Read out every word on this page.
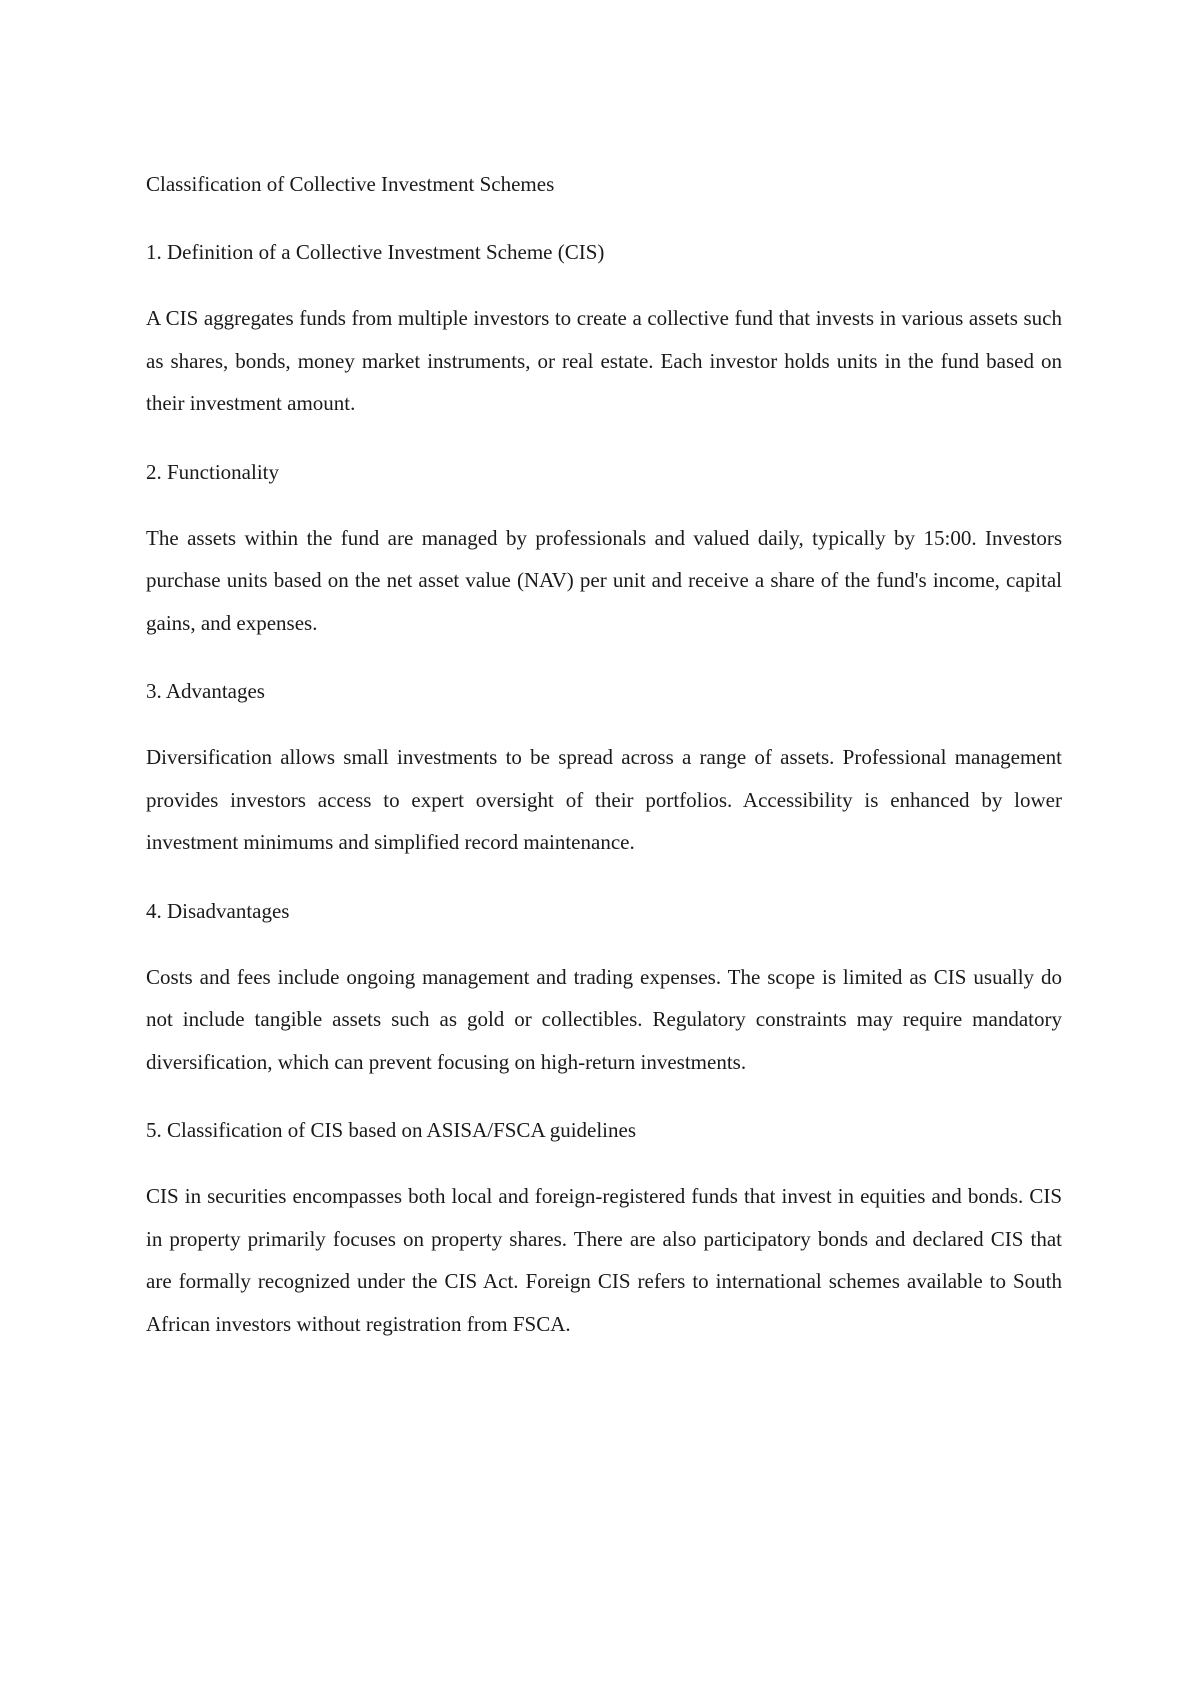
Classification of Collective Investment Schemes

1. Definition of a Collective Investment Scheme (CIS)

A CIS aggregates funds from multiple investors to create a collective fund that invests in various assets such as shares, bonds, money market instruments, or real estate. Each investor holds units in the fund based on their investment amount.

2. Functionality

The assets within the fund are managed by professionals and valued daily, typically by 15:00. Investors purchase units based on the net asset value (NAV) per unit and receive a share of the fund's income, capital gains, and expenses.

3. Advantages

Diversification allows small investments to be spread across a range of assets. Professional management provides investors access to expert oversight of their portfolios. Accessibility is enhanced by lower investment minimums and simplified record maintenance.

4. Disadvantages

Costs and fees include ongoing management and trading expenses. The scope is limited as CIS usually do not include tangible assets such as gold or collectibles. Regulatory constraints may require mandatory diversification, which can prevent focusing on high-return investments.

5. Classification of CIS based on ASISA/FSCA guidelines

CIS in securities encompasses both local and foreign-registered funds that invest in equities and bonds. CIS in property primarily focuses on property shares. There are also participatory bonds and declared CIS that are formally recognized under the CIS Act. Foreign CIS refers to international schemes available to South African investors without registration from FSCA.
